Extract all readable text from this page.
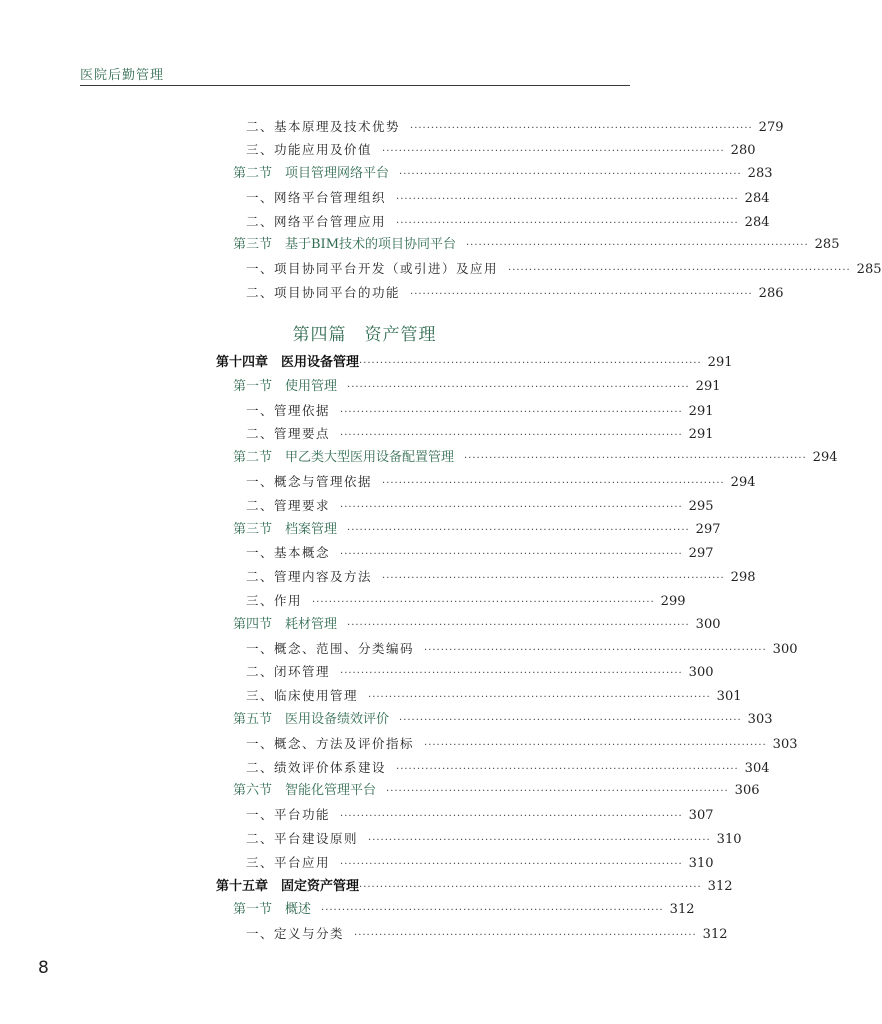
医院后勤管理
二、基本原理及技术优势 ·················································································· 279
三、功能应用及价值 ·················································································· 280
第二节　项目管理网络平台 ·················································································· 283
一、网络平台管理组织 ·················································································· 284
二、网络平台管理应用 ·················································································· 284
第三节　基于BIM技术的项目协同平台 ·················································································· 285
一、项目协同平台开发（或引进）及应用 ·················································································· 285
二、项目协同平台的功能 ·················································································· 286
第十四章　医用设备管理 ·················································································· 291
第一节　使用管理 ·················································································· 291
一、管理依据 ·················································································· 291
二、管理要点 ·················································································· 291
第二节　甲乙类大型医用设备配置管理 ·················································································· 294
一、概念与管理依据 ·················································································· 294
二、管理要求 ·················································································· 295
第三节　档案管理 ·················································································· 297
一、基本概念 ·················································································· 297
二、管理内容及方法 ·················································································· 298
三、作用 ·················································································· 299
第四节　耗材管理 ·················································································· 300
一、概念、范围、分类编码 ·················································································· 300
二、闭环管理 ·················································································· 300
三、临床使用管理 ·················································································· 301
第五节　医用设备绩效评价 ·················································································· 303
一、概念、方法及评价指标 ·················································································· 303
二、绩效评价体系建设 ·················································································· 304
第六节　智能化管理平台 ·················································································· 306
一、平台功能 ·················································································· 307
二、平台建设原则 ·················································································· 310
三、平台应用 ·················································································· 310
第十五章　固定资产管理 ·················································································· 312
第一节　概述 ·················································································· 312
一、定义与分类 ·················································································· 312
第四篇　资产管理
8
